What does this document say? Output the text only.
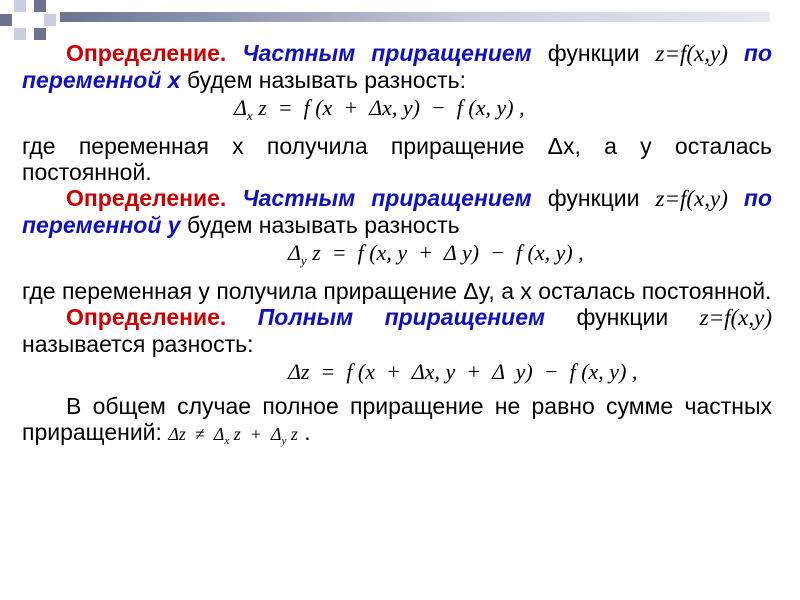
Определение. Частным приращением функции z=f(x,y) по переменной x будем называть разность:

$\Delta_x$ z  =  f (x  +  Δx, y)  −  f (x, y) ,

где переменная x получила приращение Δx, а y осталась постоянной.

Определение. Частным приращением функции z=f(x,y) по переменной y будем называть разность

$\Delta_y$ z  =  f (x, y  +  Δ y)  −  f (x, y) ,

где переменная y получила приращение Δy, а x осталась постоянной.

Определение. Полным приращением функции z=f(x,y) называется разность:

Δz  =  f (x  +  Δx, y  +  Δ  y)  −  f (x, y) ,

В общем случае полное приращение не равно сумме частных приращений: $\Delta z \ne \Delta_x$ $z + \Delta_y$ z .
